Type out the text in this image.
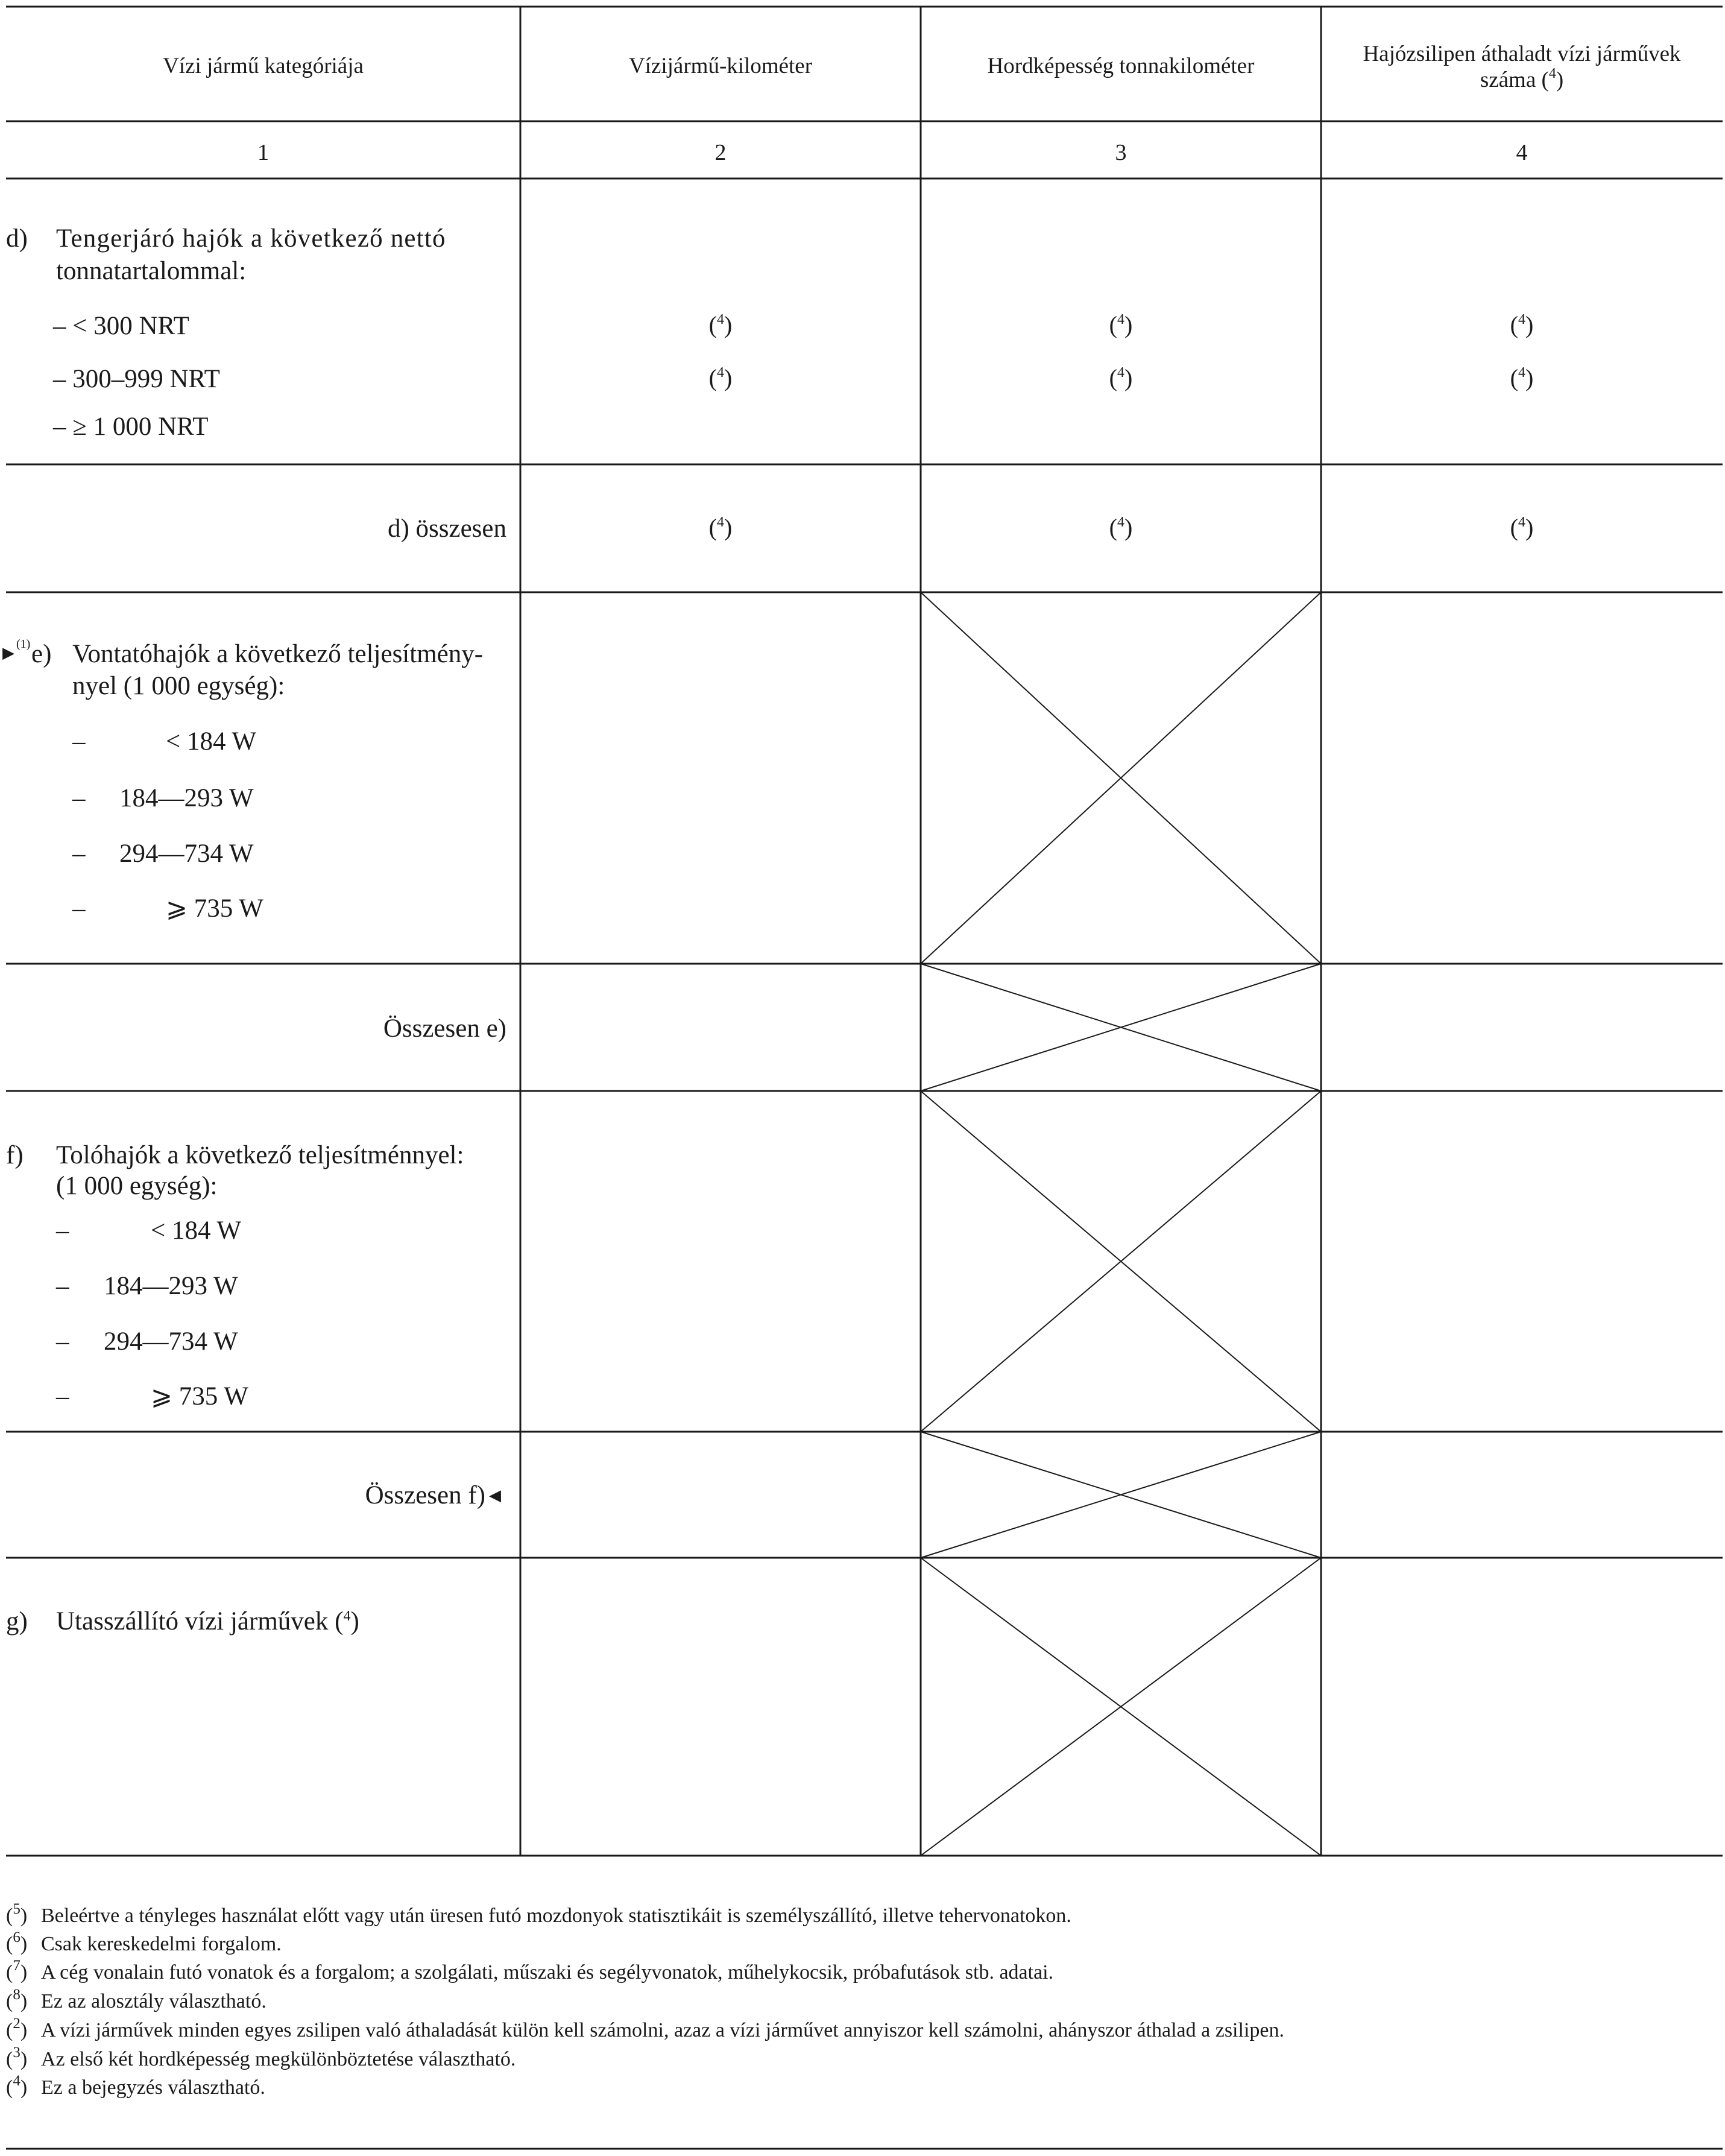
Vízi jármű kategóriája	Vízijármű-kilométer	Hordképesség tonnakilométer	Hajózsilipen áthaladt vízi járművek
száma ($^4$)
1	2	3	4
d) Tengerjáró hajók a következő nettó
tonnatartalommal:
– < 300 NRT	($^4$)	($^4$)	($^4$)
– 300–999 NRT	($^4$)	($^4$)	($^4$)
– ≥ 1 000 NRT
d) összesen	($^4$)	($^4$)	($^4$)
▶ (1) e) Vontatóhajók a következő teljesítmény-
nyel (1 000 egység):
–	< 184 W
– 184—293 W
– 294—734 W
–	⩾ 735 W
Összesen e)
f) Tolóhajók a következő teljesítménnyel:
(1 000 egység):
–	< 184 W
– 184—293 W
– 294—734 W
–	⩾ 735 W
Összesen f) ◀
g) Utasszállító vízi járművek ($^4$)
($^5$) Beleértve a tényleges használat előtt vagy után üresen futó mozdonyok statisztikáit is személyszállító, illetve tehervonatokon.
($^6$) Csak kereskedelmi forgalom.
($^7$) A cég vonalain futó vonatok és a forgalom; a szolgálati, műszaki és segélyvonatok, műhelykocsik, próbafutások stb. adatai.
($^8$) Ez az alosztály választható.
($^2$) A vízi járművek minden egyes zsilipen való áthaladását külön kell számolni, azaz a vízi járművet annyiszor kell számolni, ahányszor áthalad a zsilipen.
($^3$) Az első két hordképesség megkülönböztetése választható.
($^4$) Ez a bejegyzés választható.
